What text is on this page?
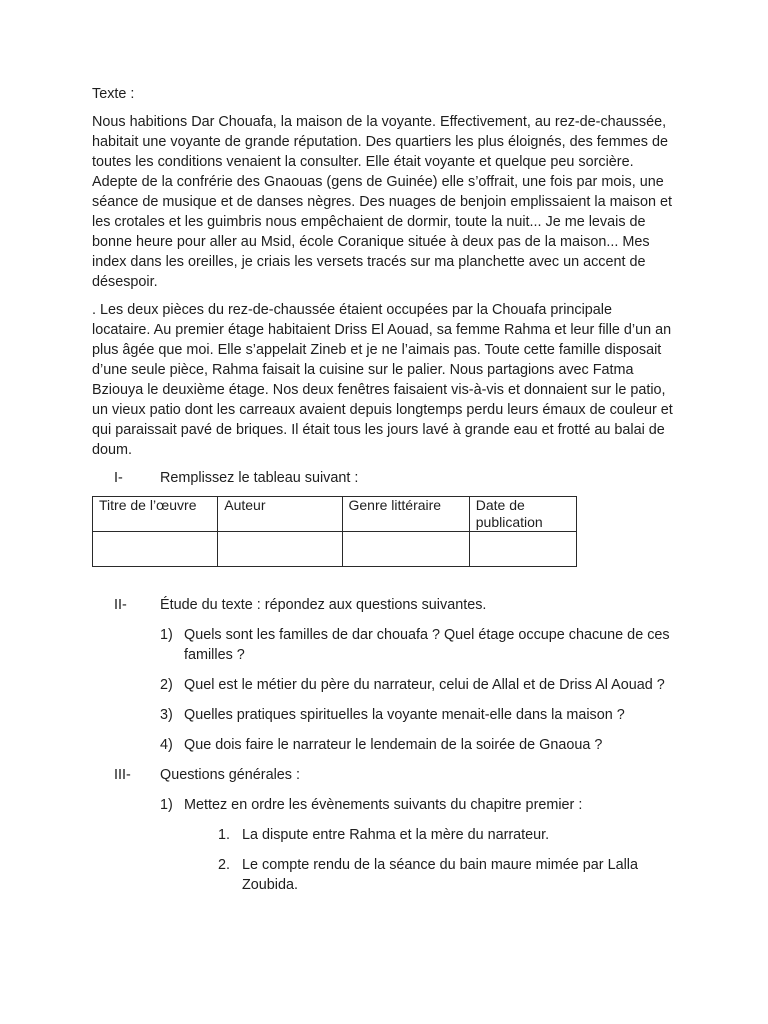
Texte :

Nous habitions Dar Chouafa, la maison de la voyante. Effectivement, au rez-de-chaussée, habitait une voyante de grande réputation. Des quartiers les plus éloignés, des femmes de toutes les conditions venaient la consulter. Elle était voyante et quelque peu sorcière. Adepte de la confrérie des Gnaouas (gens de Guinée) elle s’offrait, une fois par mois, une séance de musique et de danses nègres. Des nuages de benjoin emplissaient la maison et les crotales et les guimbris nous empêchaient de dormir, toute la nuit... Je me levais de bonne heure pour aller au Msid, école Coranique située à deux pas de la maison... Mes index dans les oreilles, je criais les versets tracés sur ma planchette avec un accent de désespoir.

. Les deux pièces du rez-de-chaussée étaient occupées par la Chouafa principale locataire. Au premier étage habitaient Driss El Aouad, sa femme Rahma et leur fille d’un an plus âgée que moi. Elle s’appelait Zineb et je ne l’aimais pas. Toute cette famille disposait d’une seule pièce, Rahma faisait la cuisine sur le palier. Nous partagions avec Fatma Bziouya le deuxième étage. Nos deux fenêtres faisaient vis-à-vis et donnaient sur le patio, un vieux patio dont les carreaux avaient depuis longtemps perdu leurs émaux de couleur et qui paraissait pavé de briques. Il était tous les jours lavé à grande eau et frotté au balai de doum.

I-	Remplissez le tableau suivant :
Titre de l’œuvre	Auteur	Genre littéraire	Date de publication

II-	Étude du texte : répondez aux questions suivantes.
1) Quels sont les familles de dar chouafa ? Quel étage occupe chacune de ces familles ?
2) Quel est le métier du père du narrateur, celui de Allal et de Driss Al Aouad ?
3) Quelles pratiques spirituelles la voyante menait-elle dans la maison ?
4) Que dois faire le narrateur le lendemain de la soirée de Gnaoua ?
III-	Questions générales :
1) Mettez en ordre les évènements suivants du chapitre premier :
1. La dispute entre Rahma et la mère du narrateur.
2. Le compte rendu de la séance du bain maure mimée par Lalla Zoubida.
